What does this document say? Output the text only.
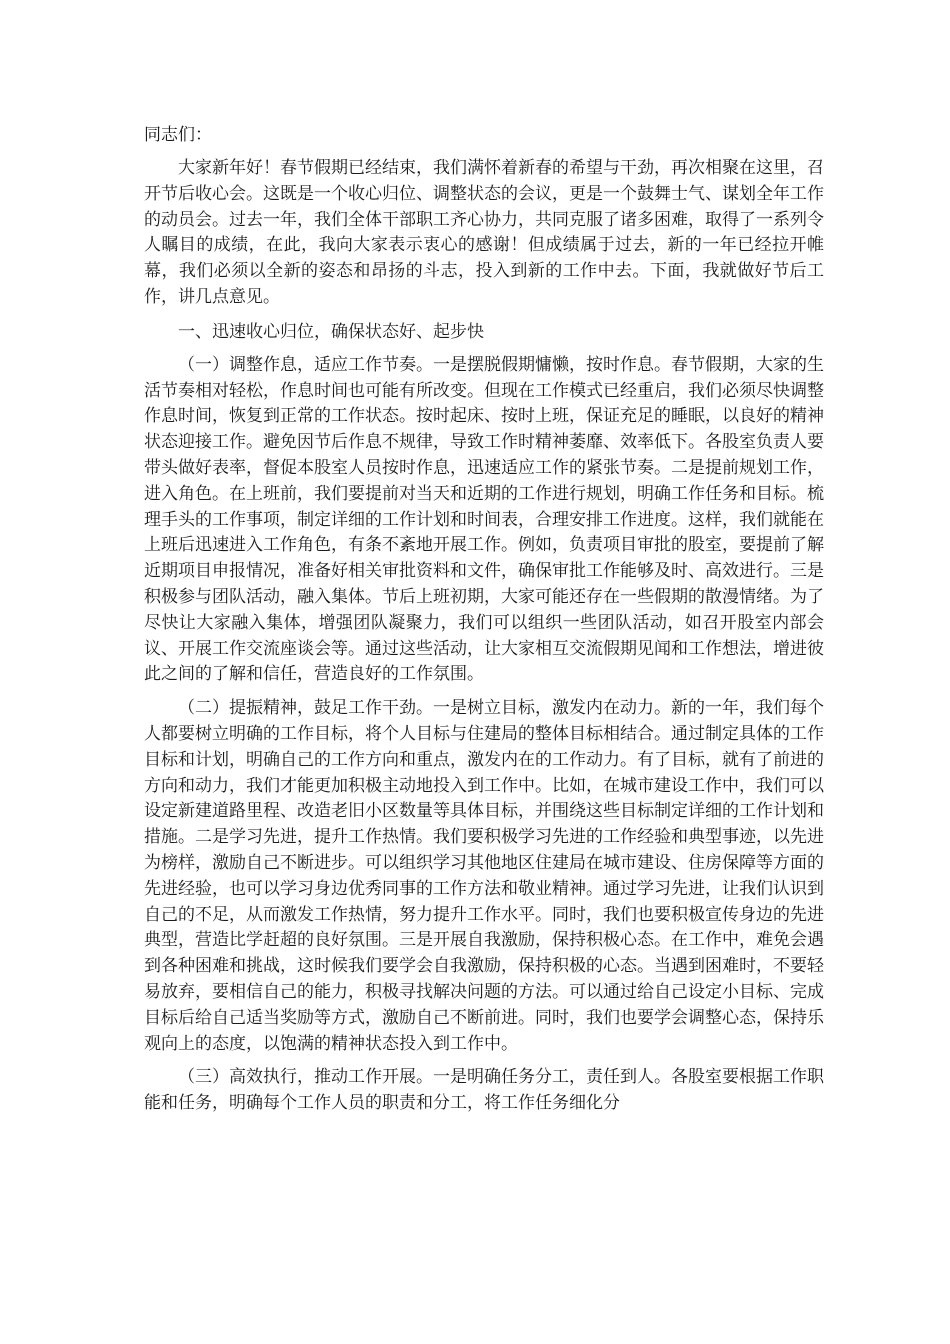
同志们：

大家新年好！春节假期已经结束，我们满怀着新春的希望与干劲，再次相聚在这里，召开节后收心会。这既是一个收心归位、调整状态的会议，更是一个鼓舞士气、谋划全年工作的动员会。过去一年，我们全体干部职工齐心协力，共同克服了诸多困难，取得了一系列令人瞩目的成绩，在此，我向大家表示衷心的感谢！但成绩属于过去，新的一年已经拉开帷幕，我们必须以全新的姿态和昂扬的斗志，投入到新的工作中去。下面，我就做好节后工作，讲几点意见。

一、迅速收心归位，确保状态好、起步快

（一）调整作息，适应工作节奏。一是摆脱假期慵懒，按时作息。春节假期，大家的生活节奏相对轻松，作息时间也可能有所改变。但现在工作模式已经重启，我们必须尽快调整作息时间，恢复到正常的工作状态。按时起床、按时上班，保证充足的睡眠，以良好的精神状态迎接工作。避免因节后作息不规律，导致工作时精神萎靡、效率低下。各股室负责人要带头做好表率，督促本股室人员按时作息，迅速适应工作的紧张节奏。二是提前规划工作，进入角色。在上班前，我们要提前对当天和近期的工作进行规划，明确工作任务和目标。梳理手头的工作事项，制定详细的工作计划和时间表，合理安排工作进度。这样，我们就能在上班后迅速进入工作角色，有条不紊地开展工作。例如，负责项目审批的股室，要提前了解近期项目申报情况，准备好相关审批资料和文件，确保审批工作能够及时、高效进行。三是积极参与团队活动，融入集体。节后上班初期，大家可能还存在一些假期的散漫情绪。为了尽快让大家融入集体，增强团队凝聚力，我们可以组织一些团队活动，如召开股室内部会议、开展工作交流座谈会等。通过这些活动，让大家相互交流假期见闻和工作想法，增进彼此之间的了解和信任，营造良好的工作氛围。

（二）提振精神，鼓足工作干劲。一是树立目标，激发内在动力。新的一年，我们每个人都要树立明确的工作目标，将个人目标与住建局的整体目标相结合。通过制定具体的工作目标和计划，明确自己的工作方向和重点，激发内在的工作动力。有了目标，就有了前进的方向和动力，我们才能更加积极主动地投入到工作中。比如，在城市建设工作中，我们可以设定新建道路里程、改造老旧小区数量等具体目标，并围绕这些目标制定详细的工作计划和措施。二是学习先进，提升工作热情。我们要积极学习先进的工作经验和典型事迹，以先进为榜样，激励自己不断进步。可以组织学习其他地区住建局在城市建设、住房保障等方面的先进经验，也可以学习身边优秀同事的工作方法和敬业精神。通过学习先进，让我们认识到自己的不足，从而激发工作热情，努力提升工作水平。同时，我们也要积极宣传身边的先进典型，营造比学赶超的良好氛围。三是开展自我激励，保持积极心态。在工作中，难免会遇到各种困难和挑战，这时候我们要学会自我激励，保持积极的心态。当遇到困难时，不要轻易放弃，要相信自己的能力，积极寻找解决问题的方法。可以通过给自己设定小目标、完成目标后给自己适当奖励等方式，激励自己不断前进。同时，我们也要学会调整心态，保持乐观向上的态度，以饱满的精神状态投入到工作中。

（三）高效执行，推动工作开展。一是明确任务分工，责任到人。各股室要根据工作职能和任务，明确每个工作人员的职责和分工，将工作任务细化分
